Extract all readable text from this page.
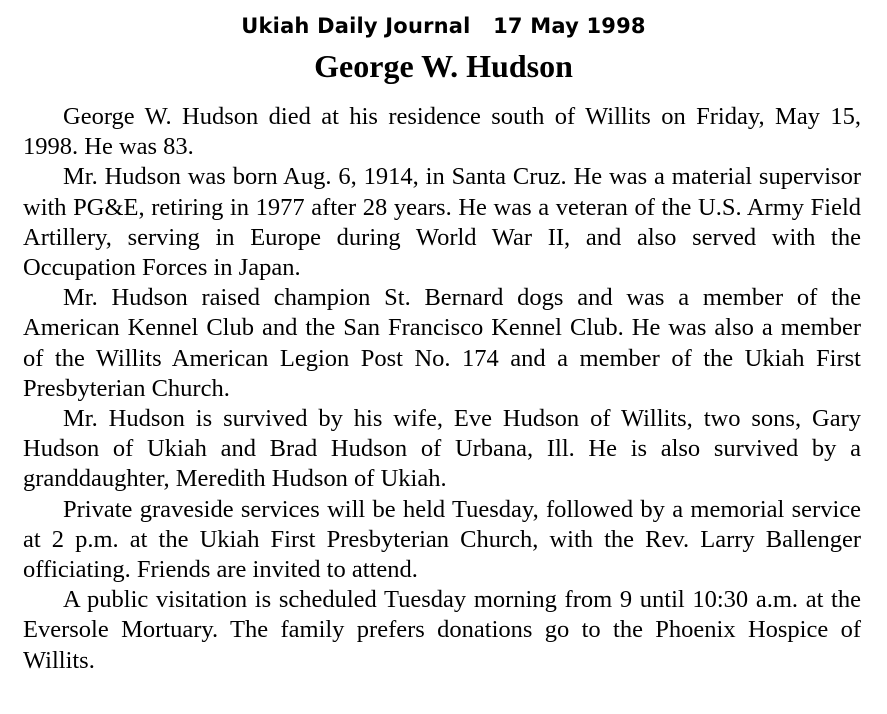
Ukiah Daily Journal 17 May 1998
George W. Hudson

George W. Hudson died at his residence south of Willits on Friday, May 15, 1998. He was 83.

Mr. Hudson was born Aug. 6, 1914, in Santa Cruz. He was a material supervisor with PG&E, retiring in 1977 after 28 years. He was a veteran of the U.S. Army Field Artillery, serving in Europe during World War II, and also served with the Occupation Forces in Japan.

Mr. Hudson raised champion St. Bernard dogs and was a member of the American Kennel Club and the San Francisco Kennel Club. He was also a member of the Willits American Legion Post No. 174 and a member of the Ukiah First Presbyterian Church.

Mr. Hudson is survived by his wife, Eve Hudson of Willits, two sons, Gary Hudson of Ukiah and Brad Hudson of Urbana, Ill. He is also survived by a granddaughter, Meredith Hudson of Ukiah.

Private graveside services will be held Tuesday, followed by a memorial service at 2 p.m. at the Ukiah First Presbyterian Church, with the Rev. Larry Ballenger officiating. Friends are invited to attend.

A public visitation is scheduled Tuesday morning from 9 until 10:30 a.m. at the Eversole Mortuary. The family prefers donations go to the Phoenix Hospice of Willits.
